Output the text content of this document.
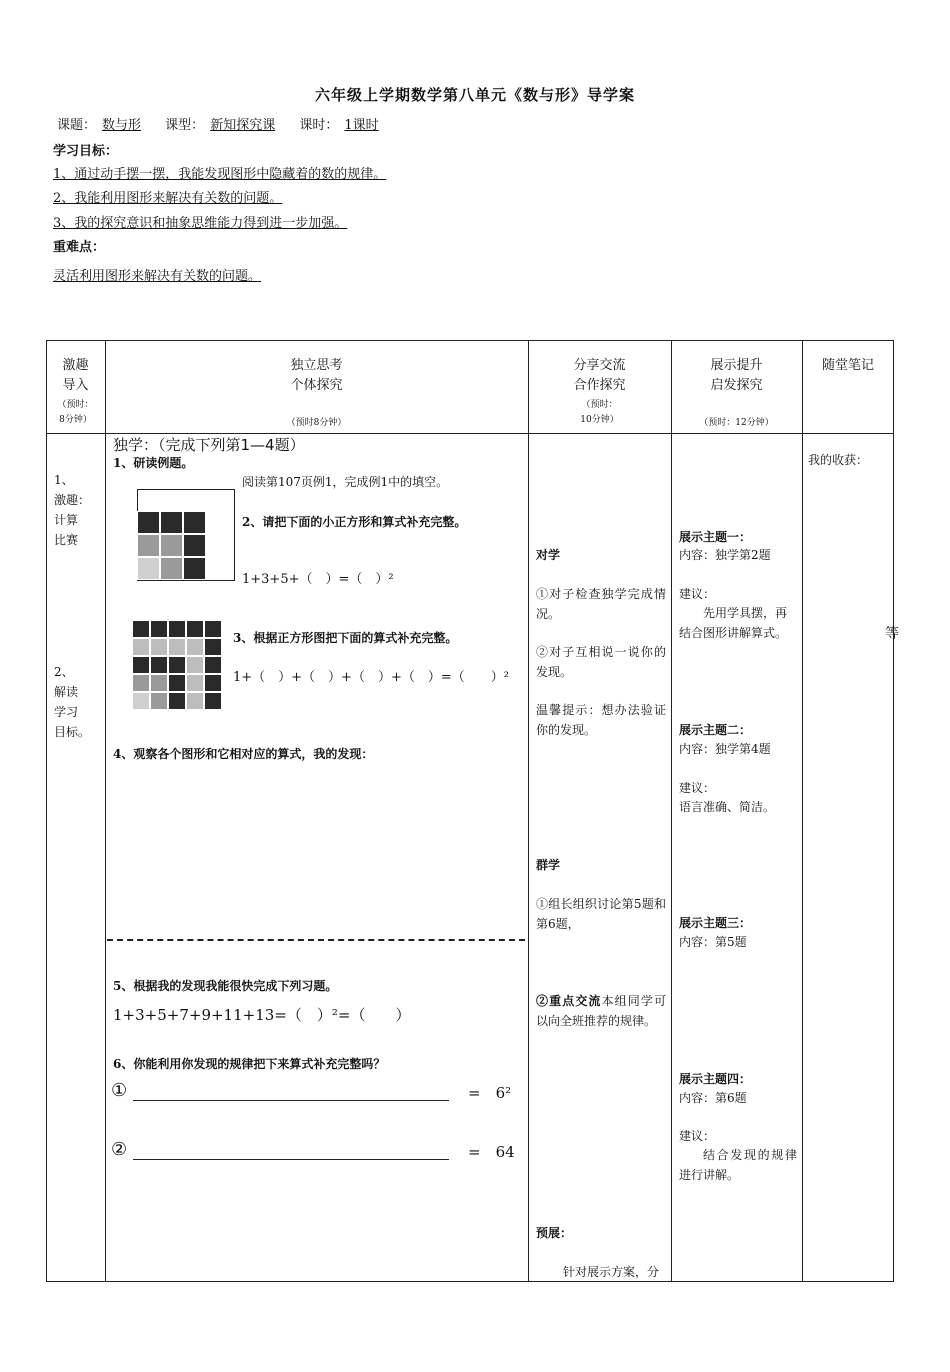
六年级上学期数学第八单元《数与形》导学案
课题： 数与形 课型： 新知探究课 课时： 1课时
学习目标：
1、通过动手摆一摆，我能发现图形中隐藏着的数的规律。
2、我能利用图形来解决有关数的问题。
3、我的探究意识和抽象思维能力得到进一步加强。
重难点：
灵活利用图形来解决有关数的问题。
激趣
导入
（预时：
8分钟）
独立思考
个体探究
（预时8分钟）
分享交流
合作探究
（预时：
10分钟）
展示提升
启发探究
（预时：12分钟）
随堂笔记
1、
激趣：
计算
比赛
2、
解读
学习
目标。
独学：（完成下列第1—4题）
1、研读例题。
阅读第107页例1，完成例1中的填空。
2、请把下面的小正方形和算式补充完整。
1+3+5+（　）=（　）²
3、根据正方形图把下面的算式补充完整。
1+（　）+（　）+（　）+（　）=（　　）²
4、观察各个图形和它相对应的算式，我的发现：
5、根据我的发现我能很快完成下列习题。
1+3+5+7+9+11+13=（　）²=（　　）
6、你能利用你发现的规律把下来算式补充完整吗？
①	=　6²
②	=　64
对学
①对子检查独学完成情况。
②对子互相说一说你的发现。
温馨提示：想办法验证你的发现。
群学
①组长组织讨论第5题和第6题，
②重点交流本组同学可以向全班推荐的规律。
预展：
针对展示方案，分
展示主题一：
内容：独学第2题
建议：
先用学具摆，再结合图形讲解算式。
展示主题二：
内容：独学第4题
建议：
语言准确、简洁。
展示主题三：
内容：第5题
展示主题四：
内容：第6题
建议：
结合发现的规律进行讲解。
我的收获：
等
